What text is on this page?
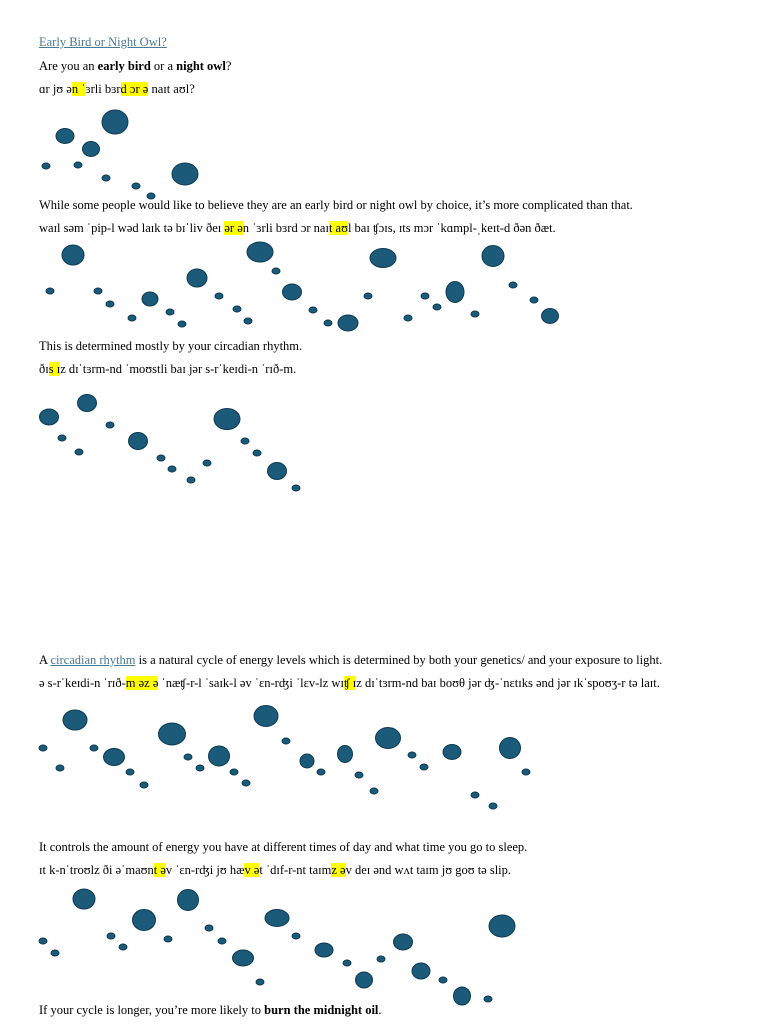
Early Bird or Night Owl?
Are you an early bird or a night owl?
ɑr jʊ ən ˈɜrli bɜrd ɔr ə naɪt aʊl?
While some people would like to believe they are an early bird or night owl by choice, it’s more complicated than that.
waɪl səm ˈpip-l wəd laɪk tə bɪˈliv ðeɪ ər ən ˈɜrli bɜrd ɔr naɪt aʊl baɪ ʧɔɪs, ɪts mɔr ˈkɑmpl-ˌkeɪt-d ðən ðæt.
This is determined mostly by your circadian rhythm.
ðɪs ɪz dɪˈtɜrm-nd ˈmoʊstli baɪ jər s-rˈkeɪdi-n ˈrɪð-m.
A circadian rhythm is a natural cycle of energy levels which is determined by both your genetics/ and your exposure to light.
ə s-rˈkeɪdi-n ˈrɪð-m əz ə ˈnæʧ-r-l ˈsaɪk-l əv ˈɛn-rʤi ˈlɛv-lz wɪʧ ɪz dɪˈtɜrm-nd baɪ boʊθ jər ʤ-ˈnɛtɪks ənd jər ɪkˈspoʊʒ-r tə laɪt.
It controls the amount of energy you have at different times of day and what time you go to sleep.
ɪt k-nˈtroʊlz ði əˈmaʊnt əv ˈɛn-rʤi jʊ hæv ət ˈdɪf-r-nt taɪmz əv deɪ ənd wʌt taɪm jʊ goʊ tə slip.
If your cycle is longer, you’re more likely to burn the midnight oil.
